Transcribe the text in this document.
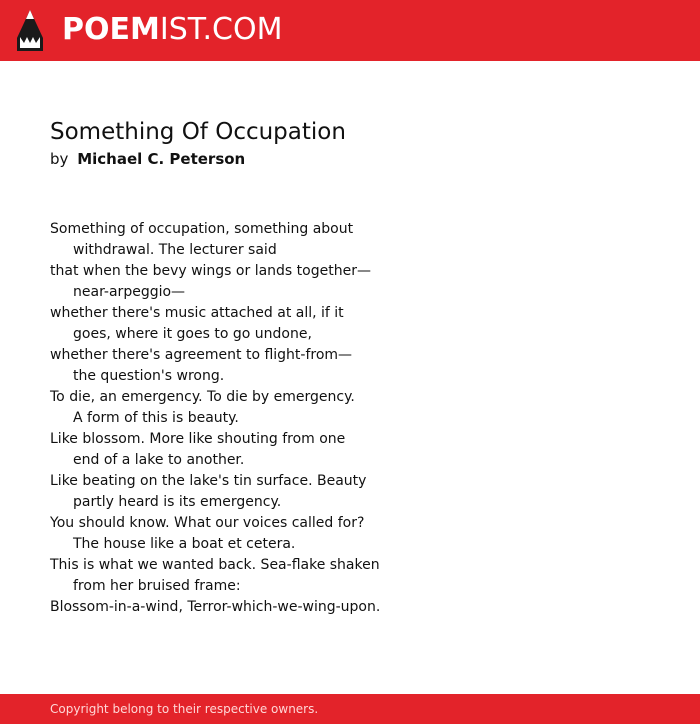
POEMIST.COM
Something Of Occupation
by Michael C. Peterson
Something of occupation, something about
withdrawal. The lecturer said
that when the bevy wings or lands together—
near-arpeggio—
whether there's music attached at all, if it
goes, where it goes to go undone,
whether there's agreement to flight-from—
the question's wrong.
To die, an emergency. To die by emergency.
A form of this is beauty.
Like blossom. More like shouting from one
end of a lake to another.
Like beating on the lake's tin surface. Beauty
partly heard is its emergency.
You should know. What our voices called for?
The house like a boat et cetera.
This is what we wanted back. Sea-flake shaken
from her bruised frame:
Blossom-in-a-wind, Terror-which-we-wing-upon.
Copyright belong to their respective owners.
